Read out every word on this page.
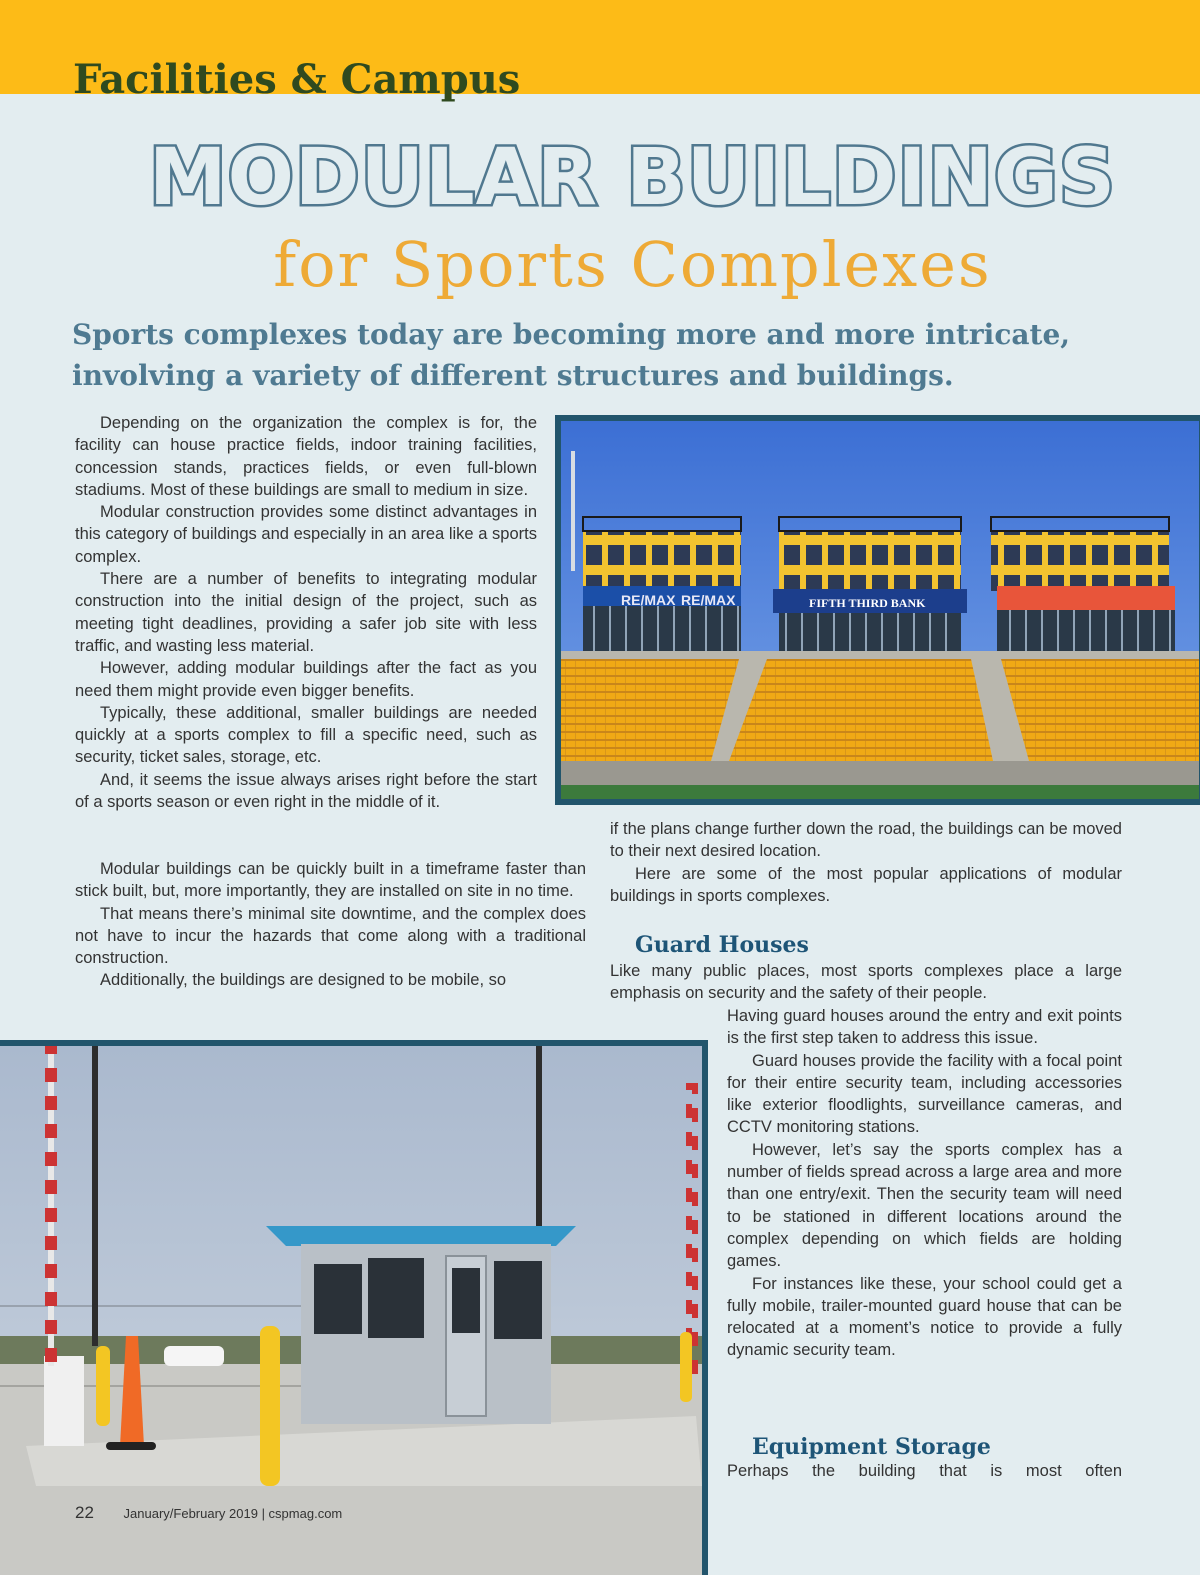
Facilities & Campus
MODULAR BUILDINGS
for Sports Complexes
Sports complexes today are becoming more and more intricate, involving a variety of different structures and buildings.
RE/MAX RE/MAX	FIFTH THIRD BANK

Depending on the organization the complex is for, the facility can house practice fields, indoor training facilities, concession stands, practices fields, or even full-blown stadiums. Most of these buildings are small to medium in size.

Modular construction provides some distinct advantages in this category of buildings and especially in an area like a sports complex.

There are a number of benefits to integrating modular construction into the initial design of the project, such as meeting tight deadlines, providing a safer job site with less traffic, and wasting less material.

However, adding modular buildings after the fact as you need them might provide even bigger benefits.

Typically, these additional, smaller buildings are needed quickly at a sports complex to fill a specific need, such as security, ticket sales, storage, etc.

And, it seems the issue always arises right before the start of a sports season or even right in the middle of it.

Modular buildings can be quickly built in a timeframe faster than stick built, but, more importantly, they are installed on site in no time.

That means there’s minimal site downtime, and the complex does not have to incur the hazards that come along with a traditional construction.

Additionally, the buildings are designed to be mobile, so

if the plans change further down the road, the buildings can be moved to their next desired location.

Here are some of the most popular applications of modular buildings in sports complexes.

Guard Houses

Like many public places, most sports complexes place a large emphasis on security and the safety of their people.

Having guard houses around the entry and exit points is the first step taken to address this issue.

Guard houses provide the facility with a focal point for their entire security team, including accessories like exterior floodlights, surveillance cameras, and CCTV monitoring stations.

However, let’s say the sports complex has a number of fields spread across a large area and more than one entry/exit. Then the security team will need to be stationed in different locations around the complex depending on which fields are holding games.

For instances like these, your school could get a fully mobile, trailer-mounted guard house that can be relocated at a moment’s notice to provide a fully dynamic security team.

Equipment Storage

Perhaps the building that is most often

22 January/February 2019 | cspmag.com
